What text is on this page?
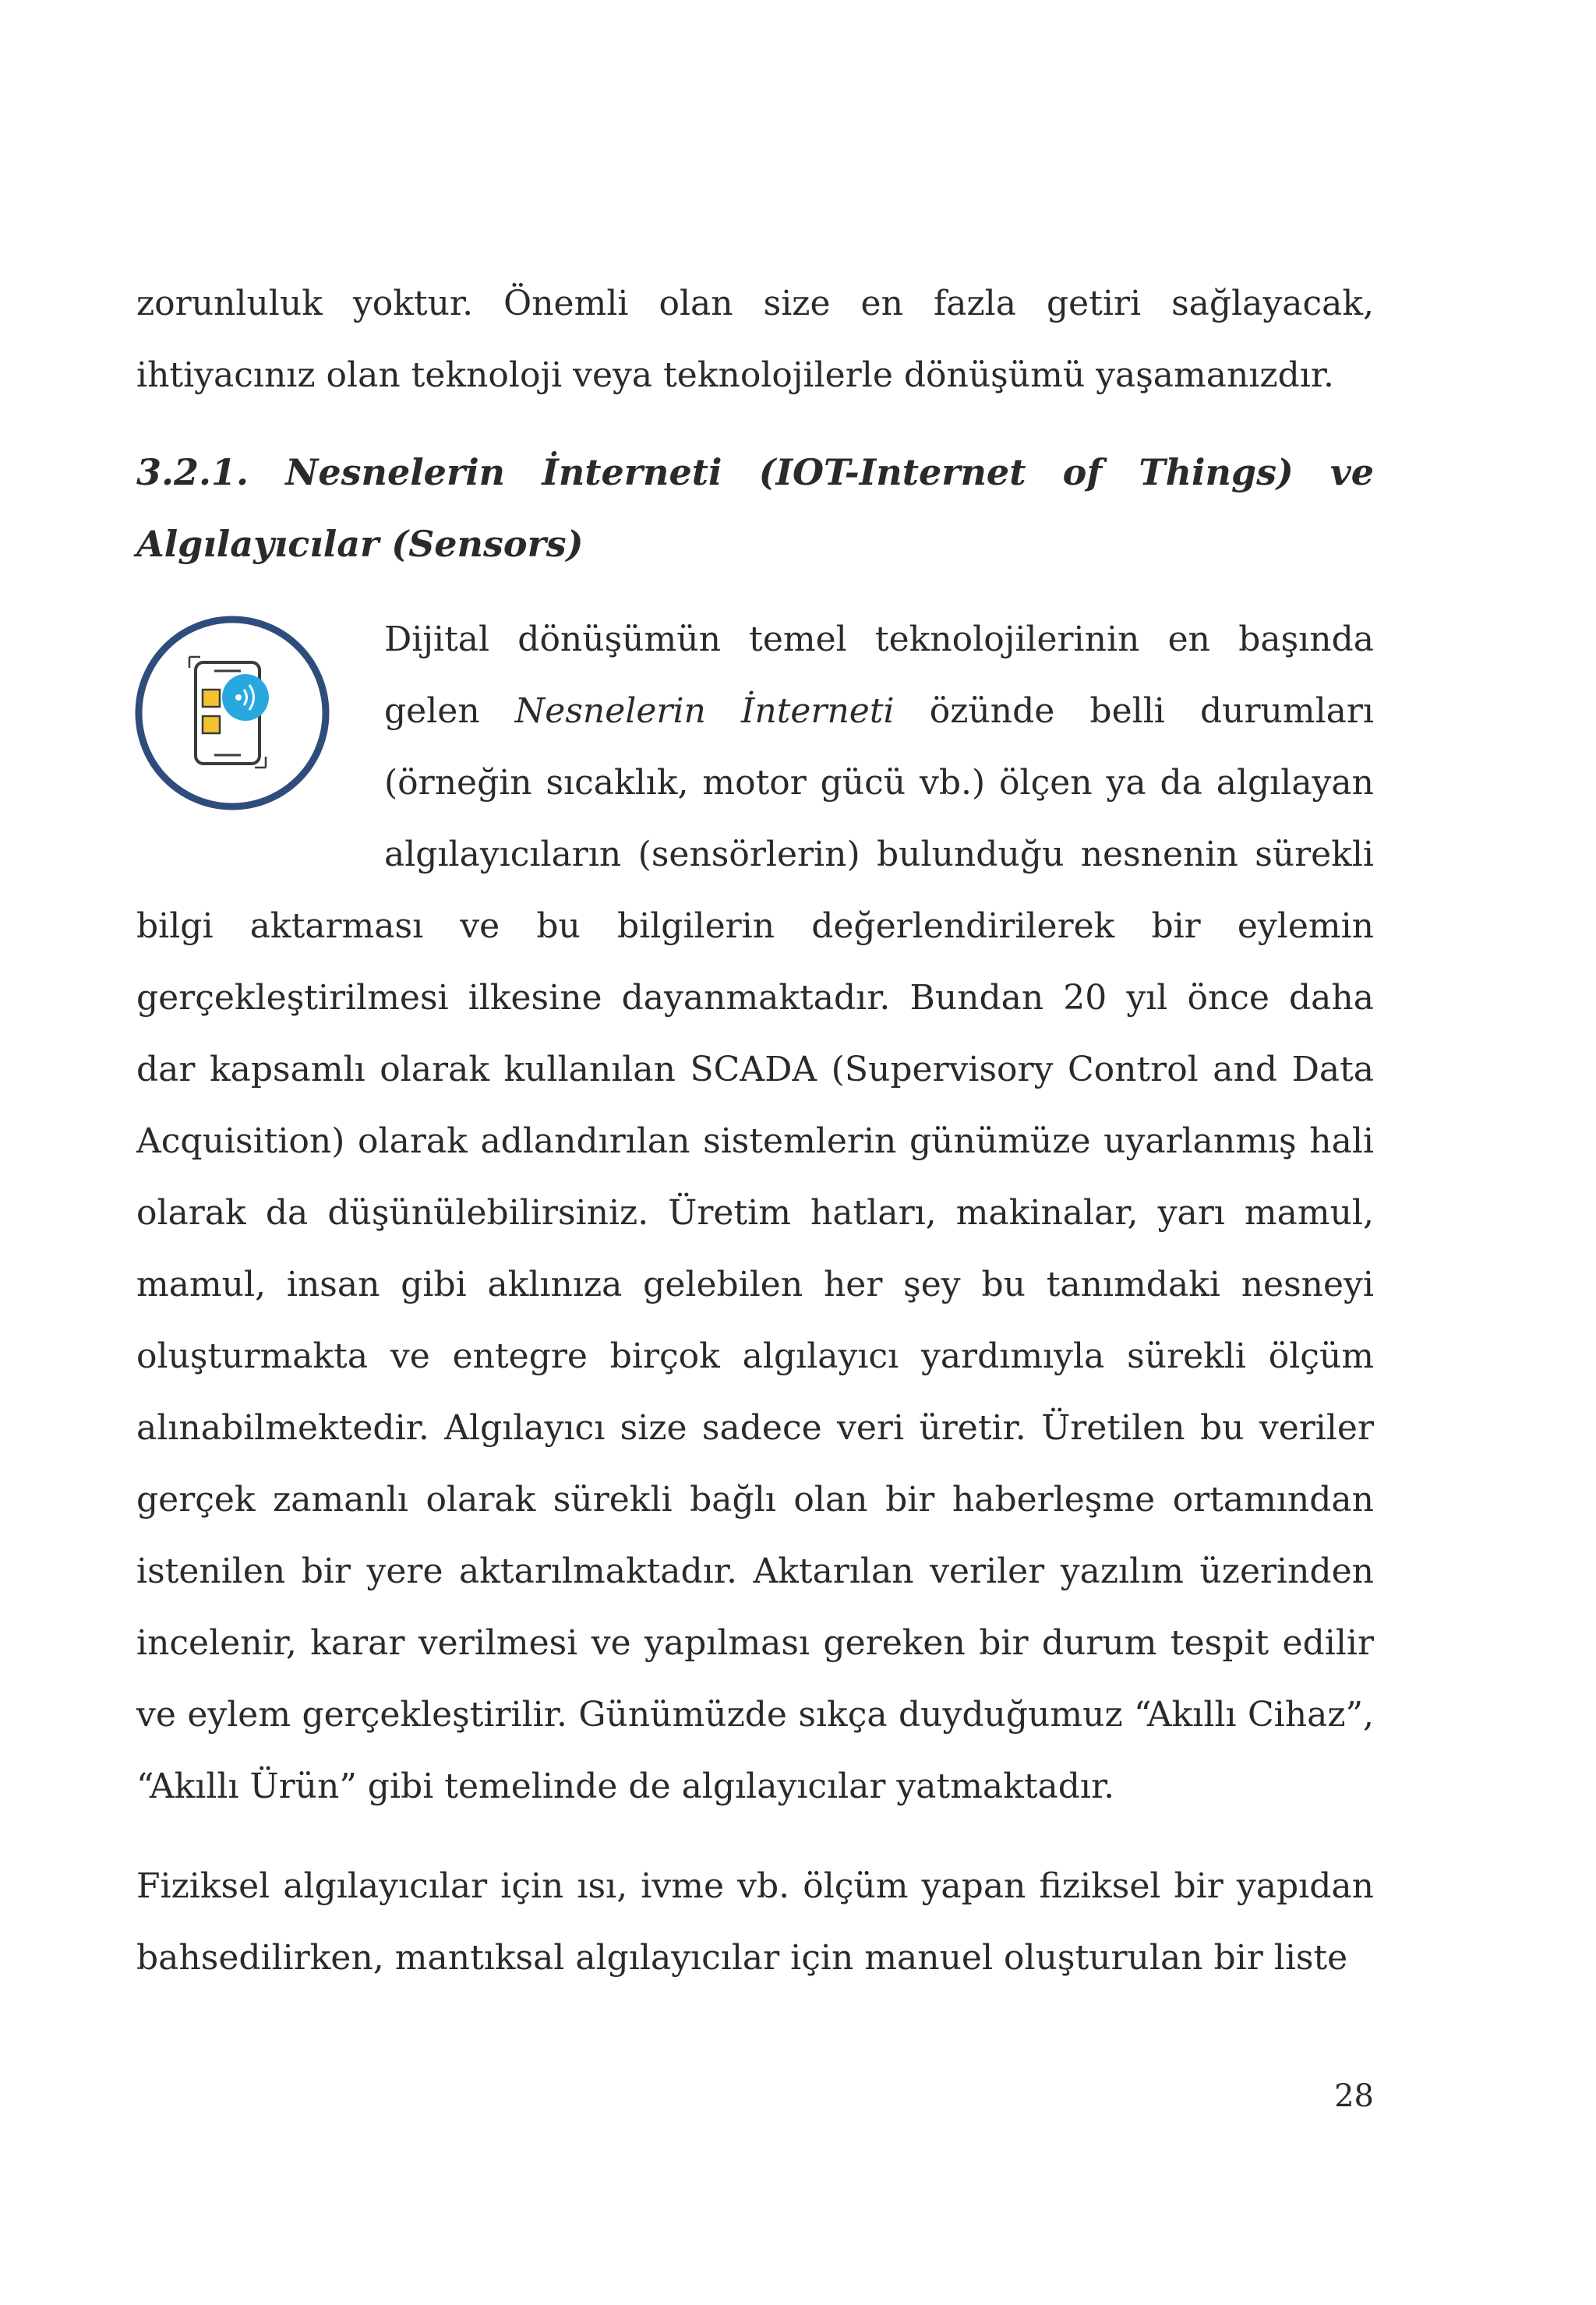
zorunluluk yoktur. Önemli olan size en fazla getiri sağlayacak, ihtiyacınız olan teknoloji veya teknolojilerle dönüşümü yaşamanızdır.

3.2.1. Nesnelerin İnterneti (IOT-Internet of Things) ve Algılayıcılar (Sensors)

Dijital dönüşümün temel teknolojilerinin en başında gelen Nesnelerin İnterneti özünde belli durumları (örneğin sıcaklık, motor gücü vb.) ölçen ya da algılayan algılayıcıların (sensörlerin) bulunduğu nesnenin sürekli bilgi aktarması ve bu bilgilerin değerlendirilerek bir eylemin gerçekleştirilmesi ilkesine dayanmaktadır. Bundan 20 yıl önce daha dar kapsamlı olarak kullanılan SCADA (Supervisory Control and Data Acquisition) olarak adlandırılan sistemlerin günümüze uyarlanmış hali olarak da düşünülebilirsiniz. Üretim hatları, makinalar, yarı mamul, mamul, insan gibi aklınıza gelebilen her şey bu tanımdaki nesneyi oluşturmakta ve entegre birçok algılayıcı yardımıyla sürekli ölçüm alınabilmektedir. Algılayıcı size sadece veri üretir. Üretilen bu veriler gerçek zamanlı olarak sürekli bağlı olan bir haberleşme ortamından istenilen bir yere aktarılmaktadır. Aktarılan veriler yazılım üzerinden incelenir, karar verilmesi ve yapılması gereken bir durum tespit edilir ve eylem gerçekleştirilir. Günümüzde sıkça duyduğumuz “Akıllı Cihaz”, “Akıllı Ürün” gibi temelinde de algılayıcılar yatmaktadır.

Fiziksel algılayıcılar için ısı, ivme vb. ölçüm yapan fiziksel bir yapıdan bahsedilirken, mantıksal algılayıcılar için manuel oluşturulan bir liste

28
